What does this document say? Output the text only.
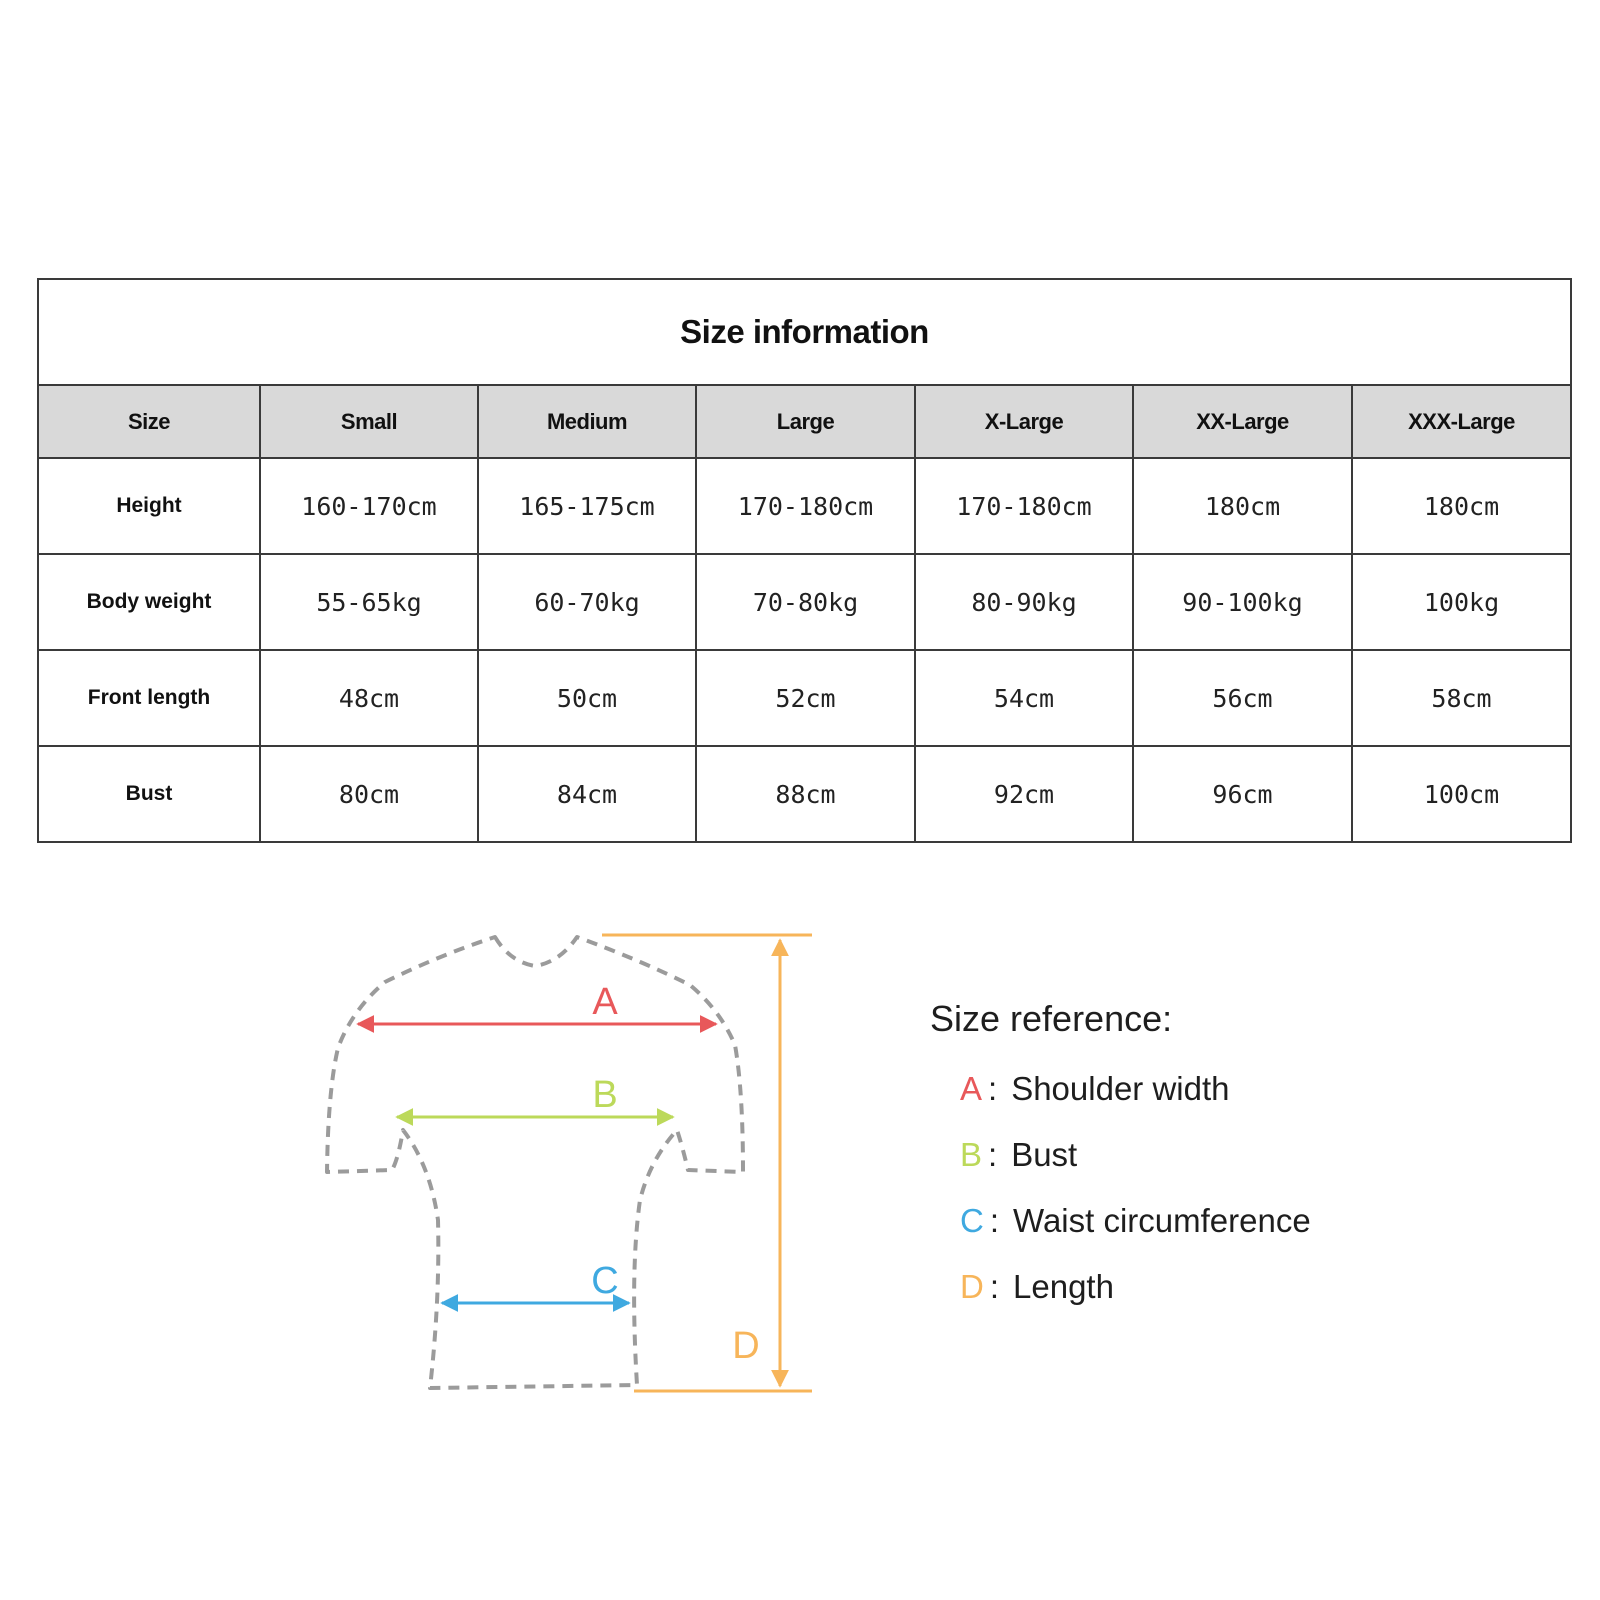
Size information						
Size	Small	Medium	Large	X-Large	XX-Large	XXX-Large
Height	160-170cm	165-175cm	170-180cm	170-180cm	180cm	180cm
Body weight	55-65kg	60-70kg	70-80kg	80-90kg	90-100kg	100kg
Front length	48cm	50cm	52cm	54cm	56cm	58cm
Bust	80cm	84cm	88cm	92cm	96cm	100cm
A
B
C
D
Size reference:
A : Shoulder width
B : Bust
C : Waist circumference
D : Length
